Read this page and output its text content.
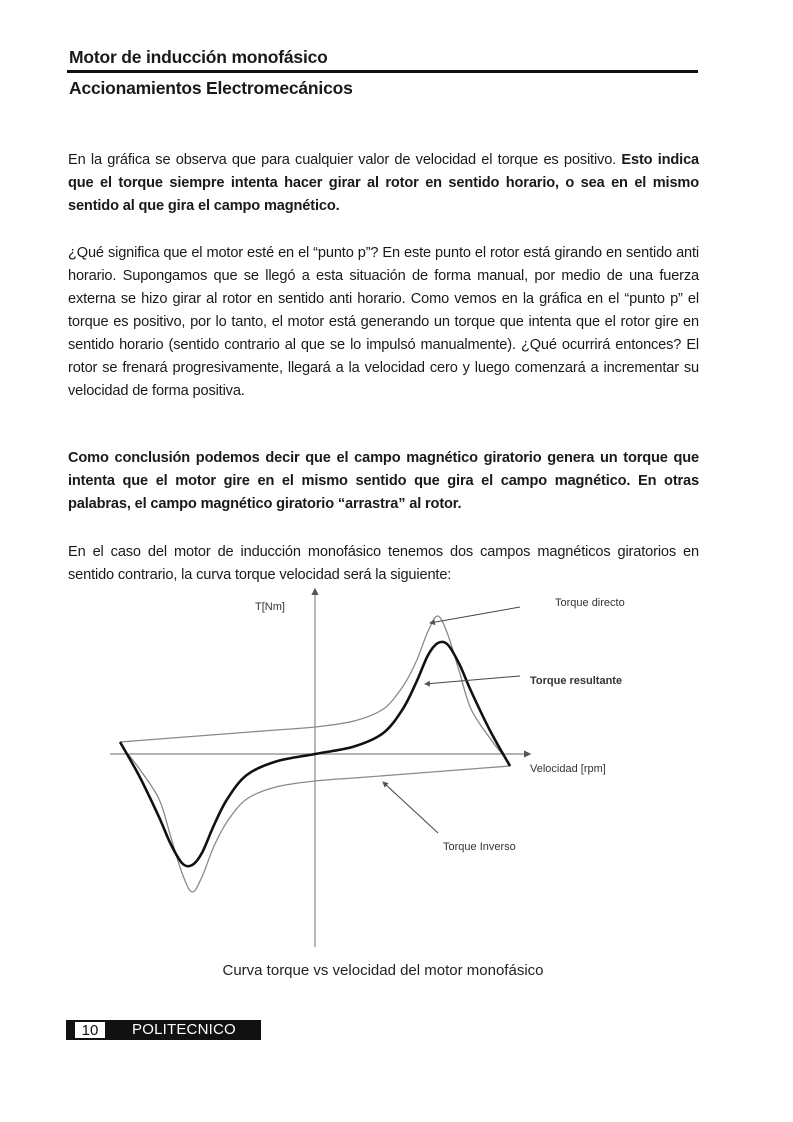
Motor de inducción monofásico
Accionamientos Electromecánicos
En la gráfica se observa que para cualquier valor de velocidad el torque es positivo. Esto indica que el torque siempre intenta hacer girar al rotor en sentido horario, o sea en el mismo sentido al que gira el campo magnético.
¿Qué significa que el motor esté en el “punto p”? En este punto el rotor está girando en sentido anti horario. Supongamos que se llegó a esta situación de forma manual, por medio de una fuerza externa se hizo girar al rotor en sentido anti horario. Como vemos en la gráfica en el “punto p” el torque es positivo, por lo tanto, el motor está generando un torque que intenta que el rotor gire en sentido horario (sentido contrario al que se lo impulsó manualmente). ¿Qué ocurrirá entonces? El rotor se frenará progresivamente, llegará a la velocidad cero y luego comenzará a incrementar su velocidad de forma positiva.
Como conclusión podemos decir que el campo magnético giratorio genera un torque que intenta que el motor gire en el mismo sentido que gira el campo magnético. En otras palabras, el campo magnético giratorio “arrastra” al rotor.
En el caso del motor de inducción monofásico tenemos dos campos magnéticos giratorios en sentido contrario, la curva torque velocidad será la siguiente:
T[Nm]
Velocidad [rpm]
Torque directo
Torque resultante
Torque Inverso
Curva torque vs velocidad del motor monofásico
10	POLITECNICO
